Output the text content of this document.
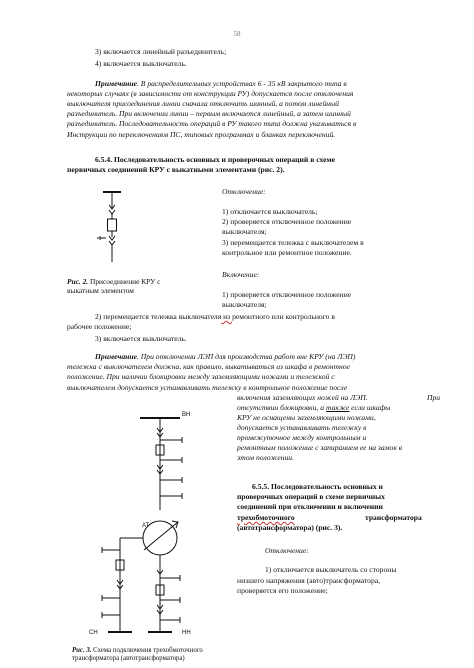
58
3) включается линейный разъединитель;
4) включается выключатель.
Примечание. В распределительных устройствах 6 - 35 кВ закрытого типа в
некоторых случаях (в зависимости от конструкции РУ) допускается после отключения
выключателя присоединения линии сначала отключать шинный, а потом линейный
разъединитель. При включении линии – первым включается линейный, а затем шинный
разъединитель. Последовательность операций в РУ такого типа должна указываться в
Инструкции по переключениям ПС, типовых программах и бланках переключений.
6.5.4. Последовательность основных и проверочных операций в схеме
первичных соединений КРУ с выкатными элементами (рис. 2).
Рис. 2. Присоединение КРУ с
выкатным элементом
Отключение:
1) отключается выключатель;
2) проверяется отключенное положение
выключателя;
3) перемещается тележка с выключателем в
контрольное или ремонтное положение.
Включение:
1) проверяется отключенное положение
выключателя;
2) перемещается тележка выключателя из ремонтного или контрольного в
рабочее положение;
3) включается выключатель.
Примечание. При отключении ЛЭП для производства работ вне КРУ (на ЛЭП)
тележка с выключателем должна, как правило, выкатываться из шкафа в ремонтное
положение. При наличии блокировки между заземляющими ножами и тележкой с
выключателем допускается устанавливать тележку в контрольное положение после
включения заземляющих ножей на ЛЭП.	При
отсутствии блокировки, а также если шкафы
КРУ не оснащены заземляющими ножами,
допускается устанавливать тележку в
промежуточное между контрольным и
ремонтным положение с запиранием ее на замок в
этом положении.
6.5.5. Последовательность основных и
проверочных операций в схеме первичных
соединений при отключении и включении
трехобмоточного	трансформатора
(автотрансформатора) (рис. 3).
Отключение:
1) отключается выключатель со стороны
низшего напряжения (авто)трансформатора,
проверяется его положение;
ВН
АТ
СН	НН
Рис. 3. Схема подключения трехобмоточного
трансформатора (автотрансформатора)
